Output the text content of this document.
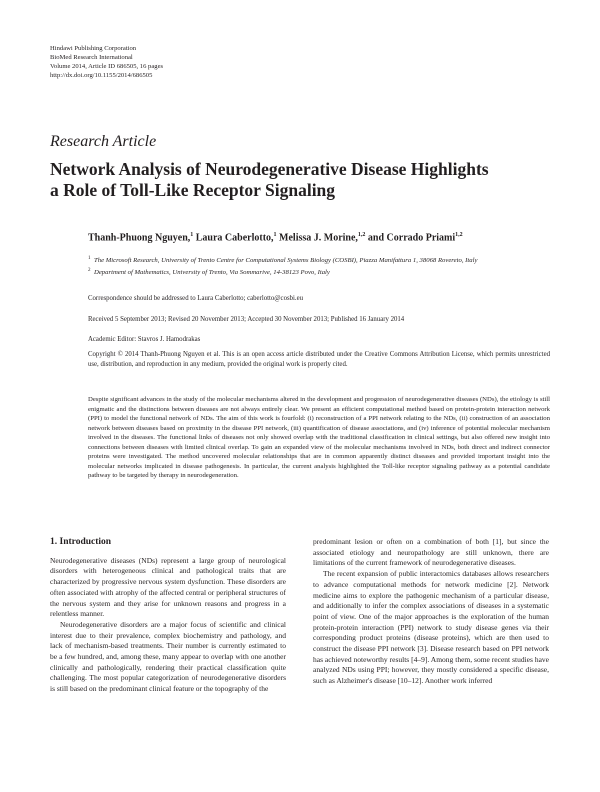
Hindawi Publishing Corporation
BioMed Research International
Volume 2014, Article ID 686505, 16 pages
http://dx.doi.org/10.1155/2014/686505
Research Article
Network Analysis of Neurodegenerative Disease Highlights
a Role of Toll-Like Receptor Signaling
Thanh-Phuong Nguyen,$^1$ Laura Caberlotto,$^1$ Melissa J. Morine,$^{1,2}$ and Corrado Priami$^{1,2}$
1 The Microsoft Research, University of Trento Centre for Computational Systems Biology (COSBI), Piazza Manifattura 1, 38068 Rovereto, Italy
2 Department of Mathematics, University of Trento, Via Sommarive, 14-38123 Povo, Italy
Correspondence should be addressed to Laura Caberlotto; caberlotto@cosbi.eu
Received 5 September 2013; Revised 20 November 2013; Accepted 30 November 2013; Published 16 January 2014
Academic Editor: Stavros J. Hamodrakas
Copyright © 2014 Thanh-Phuong Nguyen et al. This is an open access article distributed under the Creative Commons Attribution License, which permits unrestricted use, distribution, and reproduction in any medium, provided the original work is properly cited.
Despite significant advances in the study of the molecular mechanisms altered in the development and progression of neurodegenerative diseases (NDs), the etiology is still enigmatic and the distinctions between diseases are not always entirely clear. We present an efficient computational method based on protein-protein interaction network (PPI) to model the functional network of NDs. The aim of this work is fourfold: (i) reconstruction of a PPI network relating to the NDs, (ii) construction of an association network between diseases based on proximity in the disease PPI network, (iii) quantification of disease associations, and (iv) inference of potential molecular mechanism involved in the diseases. The functional links of diseases not only showed overlap with the traditional classification in clinical settings, but also offered new insight into connections between diseases with limited clinical overlap. To gain an expanded view of the molecular mechanisms involved in NDs, both direct and indirect connector proteins were investigated. The method uncovered molecular relationships that are in common apparently distinct diseases and provided important insight into the molecular networks implicated in disease pathogenesis. In particular, the current analysis highlighted the Toll-like receptor signaling pathway as a potential candidate pathway to be targeted by therapy in neurodegeneration.
1. Introduction

Neurodegenerative diseases (NDs) represent a large group of neurological disorders with heterogeneous clinical and pathological traits that are characterized by progressive nervous system dysfunction. These disorders are often associated with atrophy of the affected central or peripheral structures of the nervous system and they arise for unknown reasons and progress in a relentless manner.

Neurodegenerative disorders are a major focus of scientific and clinical interest due to their prevalence, complex biochemistry and pathology, and lack of mechanism-based treatments. Their number is currently estimated to be a few hundred, and, among these, many appear to overlap with one another clinically and pathologically, rendering their practical classification quite challenging. The most popular categorization of neurodegenerative disorders is still based on the predominant clinical feature or the topography of the

predominant lesion or often on a combination of both [1], but since the associated etiology and neuropathology are still unknown, there are limitations of the current framework of neurodegenerative diseases.

The recent expansion of public interactomics databases allows researchers to advance computational methods for network medicine [2]. Network medicine aims to explore the pathogenic mechanism of a particular disease, and additionally to infer the complex associations of diseases in a systematic point of view. One of the major approaches is the exploration of the human protein-protein interaction (PPI) network to study disease genes via their corresponding product proteins (disease proteins), which are then used to construct the disease PPI network [3]. Disease research based on PPI network has achieved noteworthy results [4–9]. Among them, some recent studies have analyzed NDs using PPI; however, they mostly considered a specific disease, such as Alzheimer's disease [10–12]. Another work inferred
